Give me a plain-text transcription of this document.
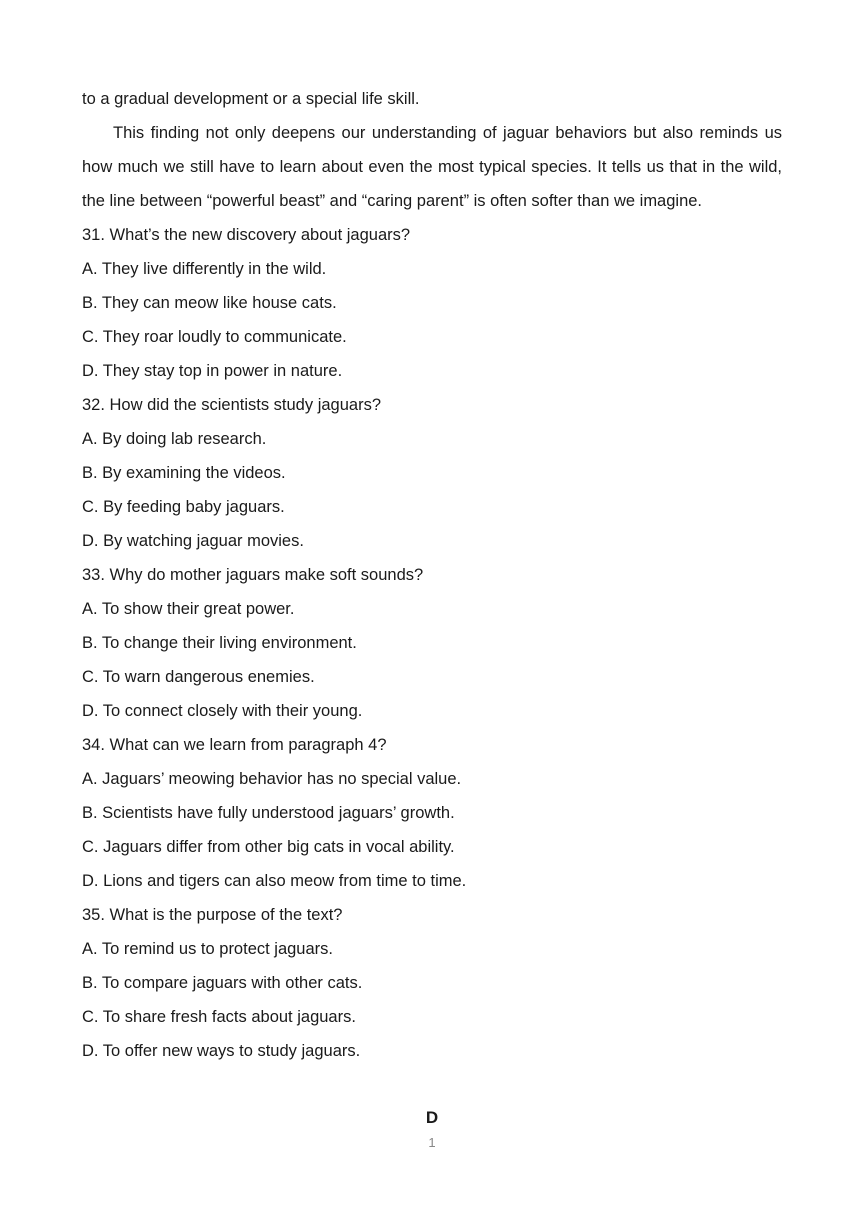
to a gradual development or a special life skill.

This finding not only deepens our understanding of jaguar behaviors but also reminds us how much we still have to learn about even the most typical species. It tells us that in the wild, the line between “powerful beast” and “caring parent” is often softer than we imagine.

31. What’s the new discovery about jaguars?
A. They live differently in the wild.
B. They can meow like house cats.
C. They roar loudly to communicate.
D. They stay top in power in nature.
32. How did the scientists study jaguars?
A. By doing lab research.
B. By examining the videos.
C. By feeding baby jaguars.
D. By watching jaguar movies.
33. Why do mother jaguars make soft sounds?
A. To show their great power.
B. To change their living environment.
C. To warn dangerous enemies.
D. To connect closely with their young.
34. What can we learn from paragraph 4?
A. Jaguars’ meowing behavior has no special value.
B. Scientists have fully understood jaguars’ growth.
C. Jaguars differ from other big cats in vocal ability.
D. Lions and tigers can also meow from time to time.
35. What is the purpose of the text?
A. To remind us to protect jaguars.
B. To compare jaguars with other cats.
C. To share fresh facts about jaguars.
D. To offer new ways to study jaguars.
D
1
